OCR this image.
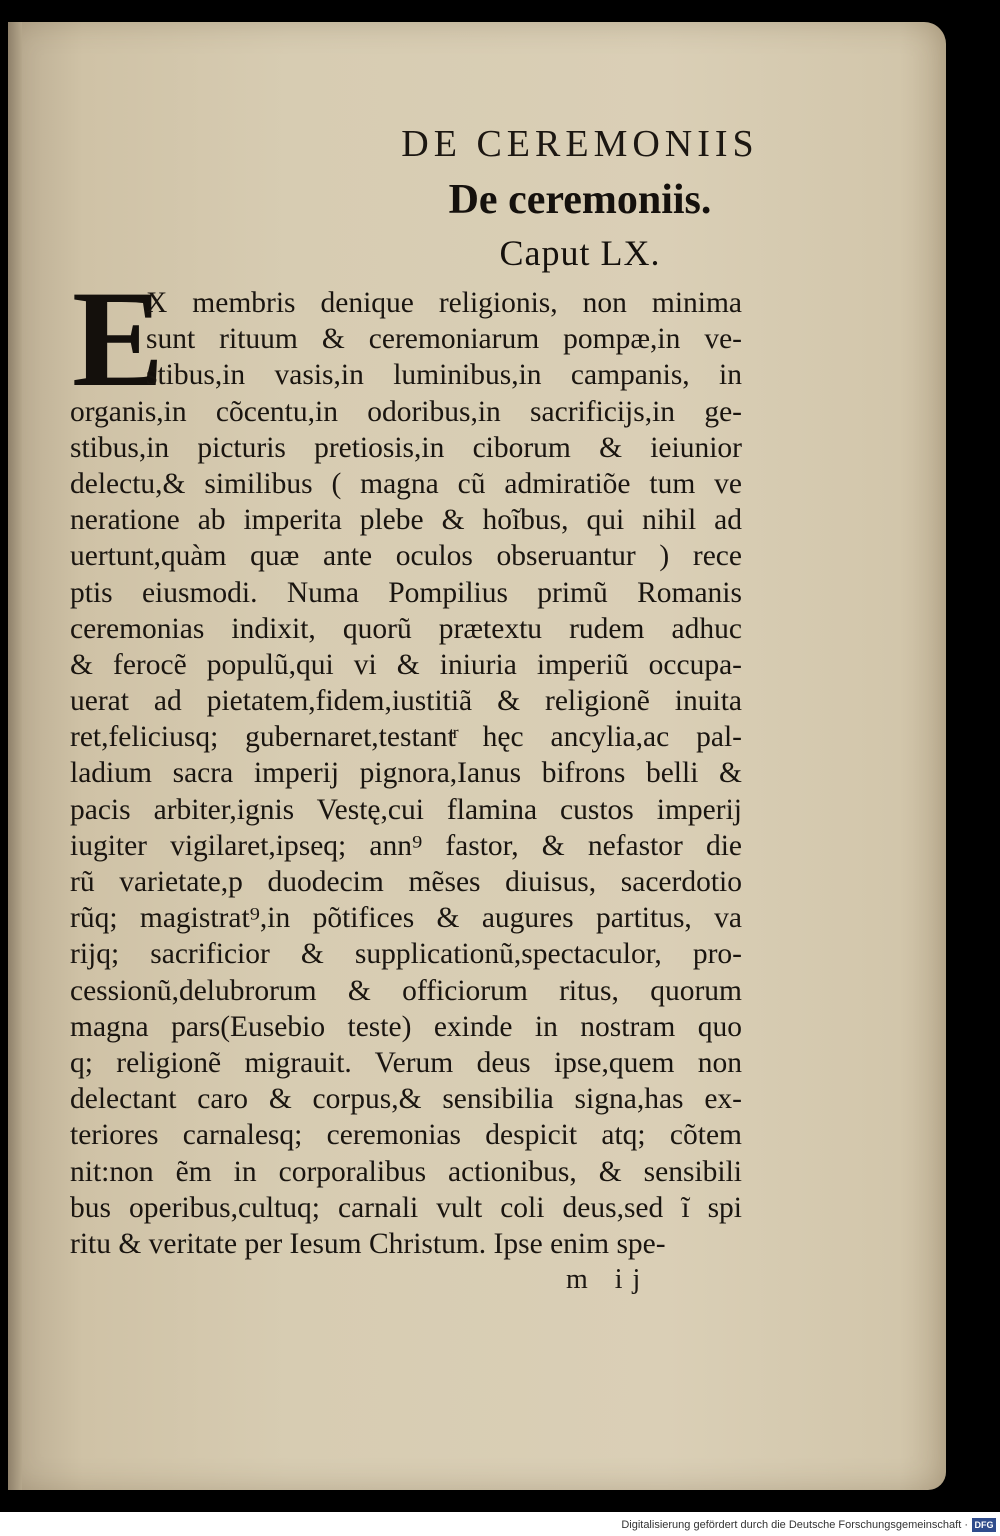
DE CEREMONIIS
De ceremoniis.
Caput LX.
E
X membris denique religionis, non minima
sunt rituum & ceremoniarum pompæ,in ve-
stibus,in vasis,in luminibus,in campanis, in
organis,in cõcentu,in odoribus,in sacrificijs,in ge-
stibus,in picturis pretiosis,in ciborum & ieiunior
delectu,& similibus ( magna cũ admiratiõe tum ve
neratione ab imperita plebe & hoĩbus, qui nihil ad
uertunt,quàm quæ ante oculos obseruantur ) rece
ptis eiusmodi. Numa Pompilius primũ Romanis
ceremonias indixit, quorũ prætextu rudem adhuc
& ferocẽ populũ,qui vi & iniuria imperiũ occupa-
uerat ad pietatem,fidem,iustitiã & religionẽ inuita
ret,feliciusq; gubernaret,testantͬ hęc ancylia,ac pal-
ladium sacra imperij pignora,Ianus bifrons belli &
pacis arbiter,ignis Vestę,cui flamina custos imperij
iugiter vigilaret,ipseq; ann⁹ fastor, & nefastor die
rũ varietate,p duodecim mẽses diuisus, sacerdotio
rũq; magistrat⁹,in põtifices & augures partitus, va
rijq; sacrificior & supplicationũ,spectaculor, pro-
cessionũ,delubrorum & officiorum ritus, quorum
magna pars(Eusebio teste) exinde in nostram quo
q; religionẽ migrauit. Verum deus ipse,quem non
delectant caro & corpus,& sensibilia signa,has ex-
teriores carnalesq; ceremonias despicit atq; cõtem
nit:non ẽm in corporalibus actionibus, & sensibili
bus operibus,cultuq; carnali vult coli deus,sed ĩ spi
ritu & veritate per Iesum Christum. Ipse enim spe-
m ij
Digitalisierung gefördert durch die Deutsche Forschungsgemeinschaft · DFG
